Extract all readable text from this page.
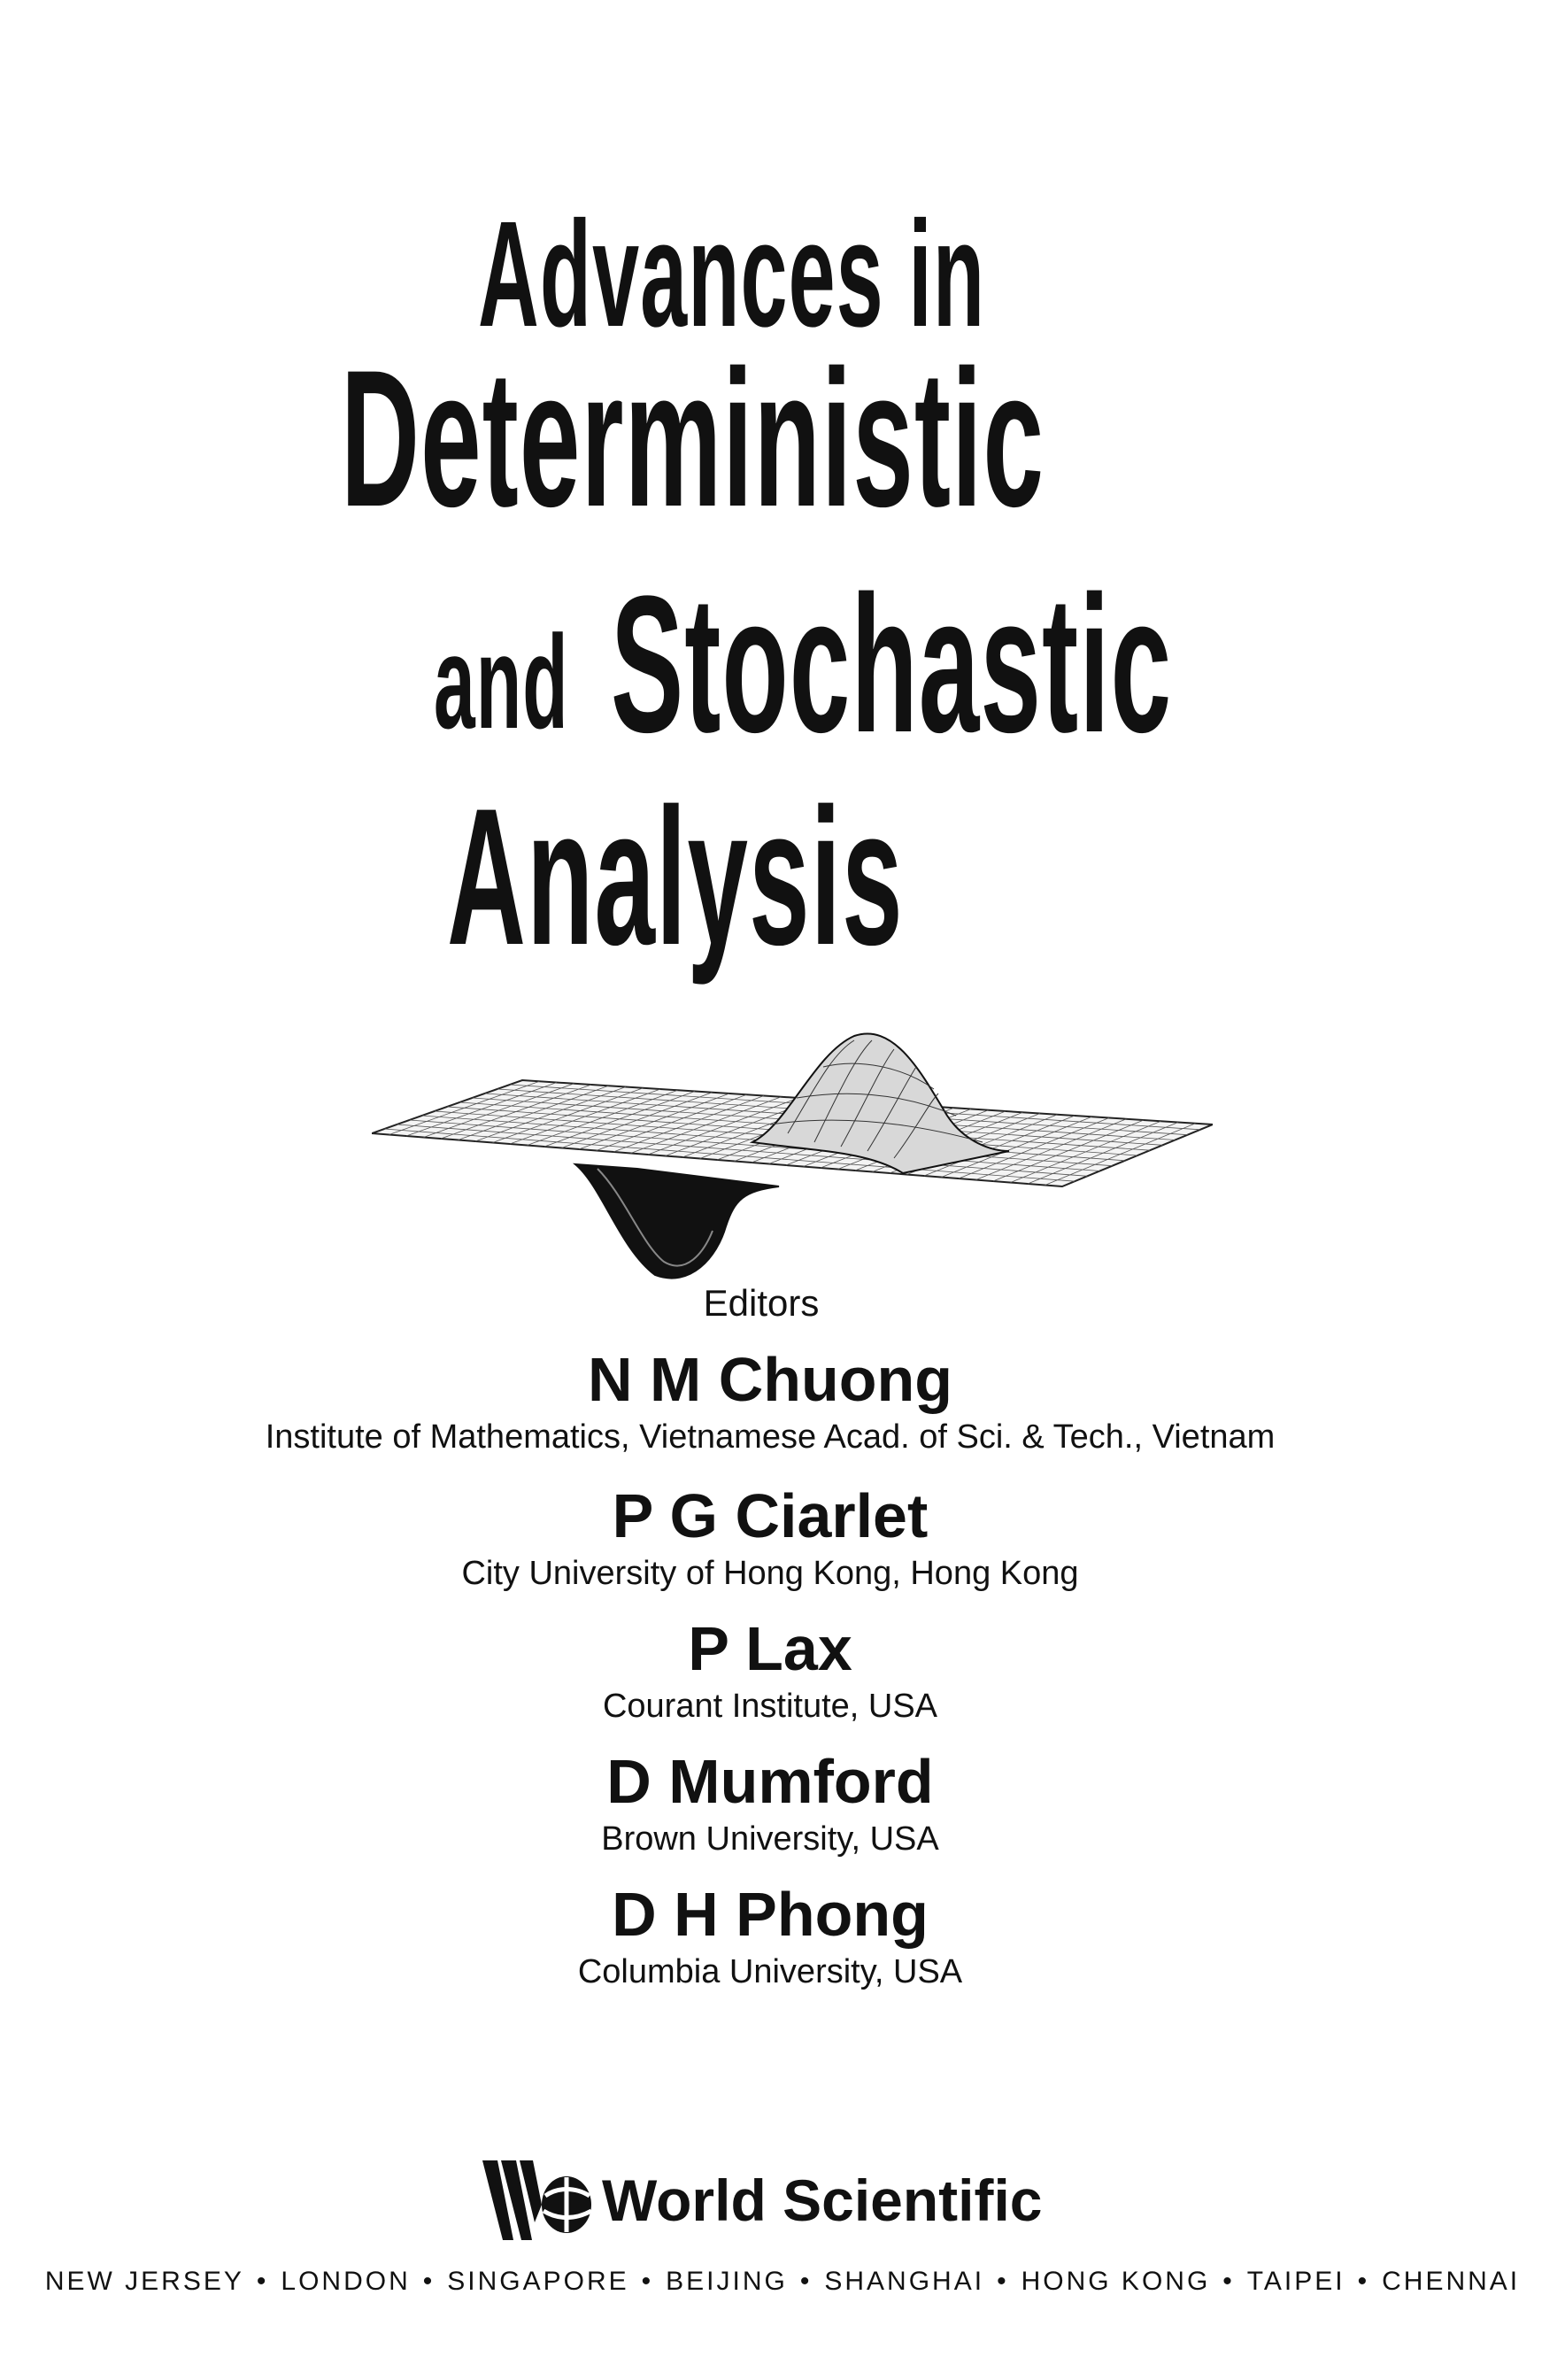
Advances in
Deterministic
and Stochastic
Analysis
Editors
N M Chuong
Institute of Mathematics, Vietnamese Acad. of Sci. & Tech., Vietnam
P G Ciarlet
City University of Hong Kong, Hong Kong
P Lax
Courant Institute, USA
D Mumford
Brown University, USA
D H Phong
Columbia University, USA
World Scientific
NEW JERSEY • LONDON • SINGAPORE • BEIJING • SHANGHAI • HONG KONG • TAIPEI • CHENNAI
